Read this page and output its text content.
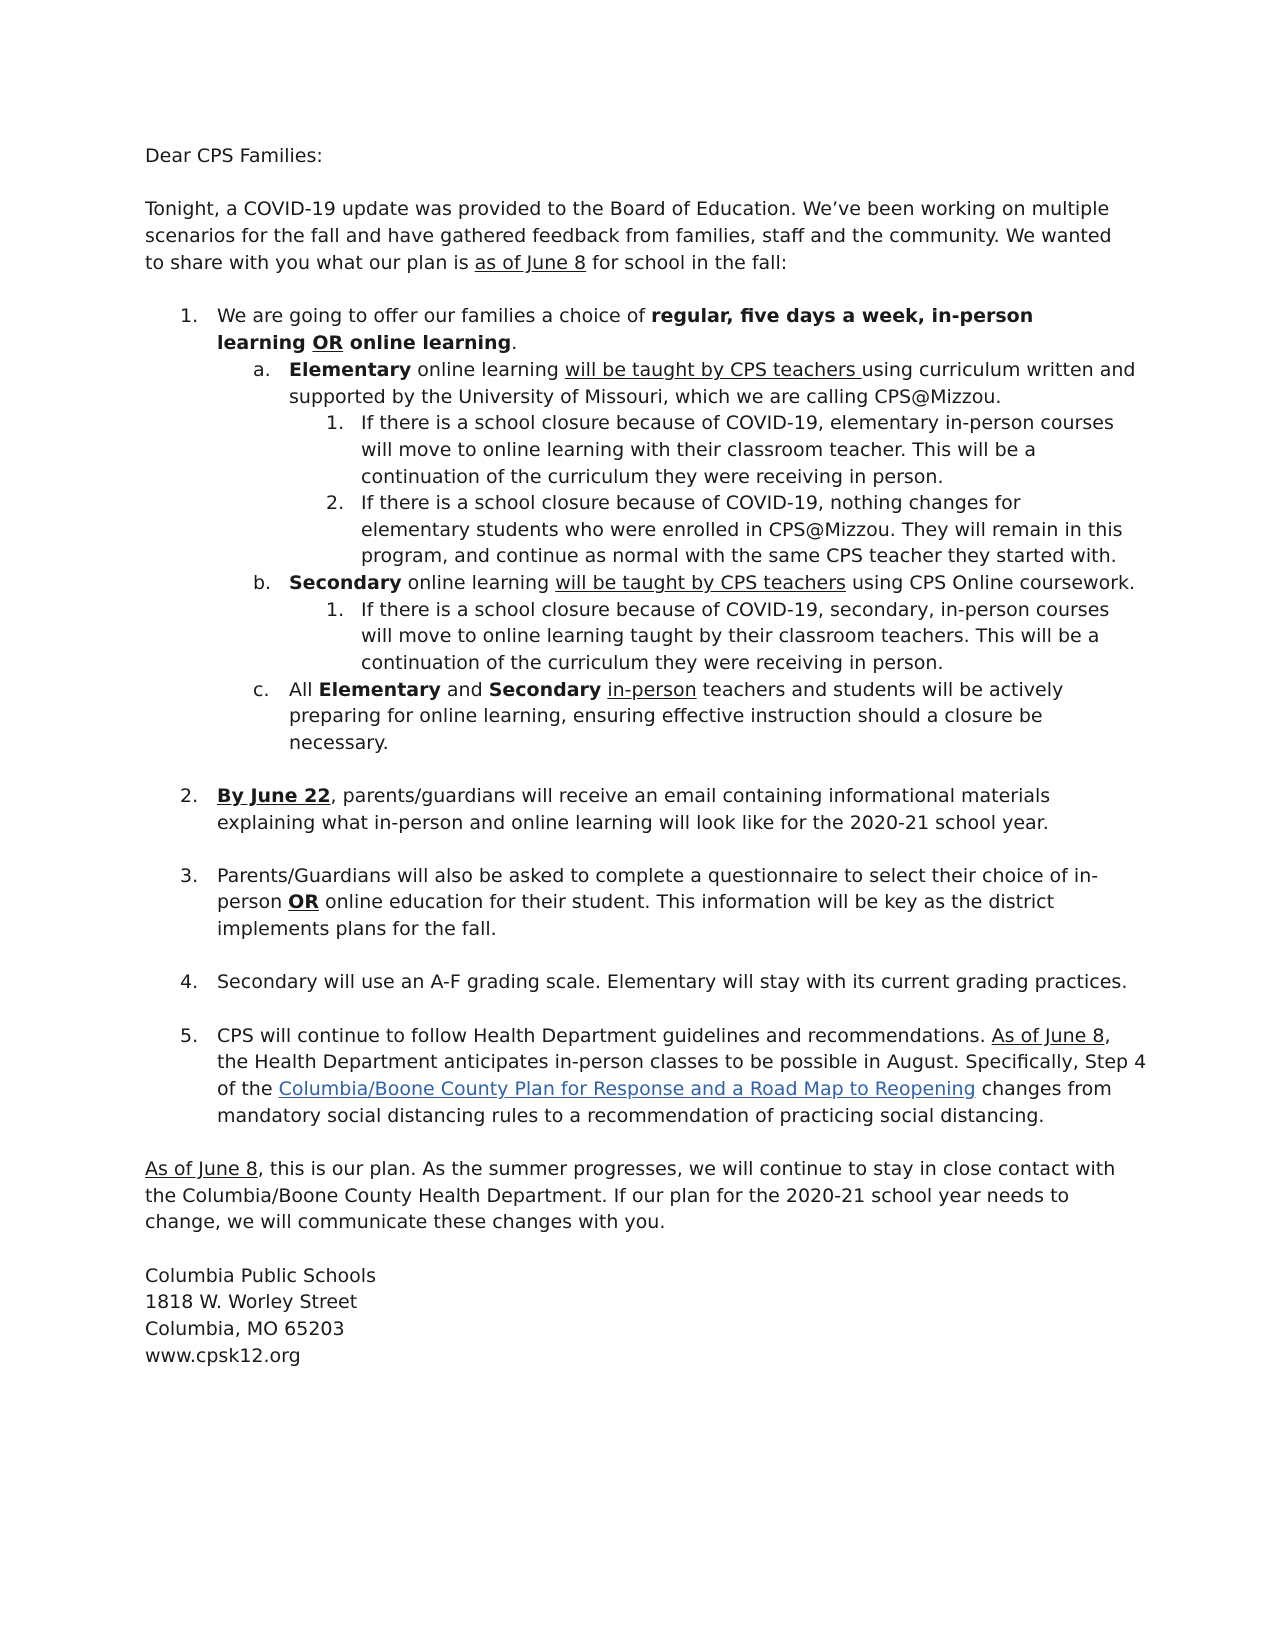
Dear CPS Families:
Tonight, a COVID-19 update was provided to the Board of Education. We’ve been working on multiple
scenarios for the fall and have gathered feedback from families, staff and the community. We wanted
to share with you what our plan is as of June 8 for school in the fall:
1. We are going to offer our families a choice of regular, five days a week, in-person
learning OR online learning.
a. Elementary online learning will be taught by CPS teachers using curriculum written and
supported by the University of Missouri, which we are calling CPS@Mizzou.
1. If there is a school closure because of COVID-19, elementary in-person courses
will move to online learning with their classroom teacher. This will be a
continuation of the curriculum they were receiving in person.
2. If there is a school closure because of COVID-19, nothing changes for
elementary students who were enrolled in CPS@Mizzou. They will remain in this
program, and continue as normal with the same CPS teacher they started with.
b. Secondary online learning will be taught by CPS teachers using CPS Online coursework.
1. If there is a school closure because of COVID-19, secondary, in-person courses
will move to online learning taught by their classroom teachers. This will be a
continuation of the curriculum they were receiving in person.
c. All Elementary and Secondary in-person teachers and students will be actively
preparing for online learning, ensuring effective instruction should a closure be
necessary.
2. By June 22, parents/guardians will receive an email containing informational materials
explaining what in-person and online learning will look like for the 2020-21 school year.
3. Parents/Guardians will also be asked to complete a questionnaire to select their choice of in-
person OR online education for their student. This information will be key as the district
implements plans for the fall.
4. Secondary will use an A-F grading scale. Elementary will stay with its current grading practices.
5. CPS will continue to follow Health Department guidelines and recommendations. As of June 8,
the Health Department anticipates in-person classes to be possible in August. Specifically, Step 4
of the Columbia/Boone County Plan for Response and a Road Map to Reopening changes from
mandatory social distancing rules to a recommendation of practicing social distancing.
As of June 8, this is our plan. As the summer progresses, we will continue to stay in close contact with
the Columbia/Boone County Health Department. If our plan for the 2020-21 school year needs to
change, we will communicate these changes with you.
Columbia Public Schools
1818 W. Worley Street
Columbia, MO 65203
www.cpsk12.org
